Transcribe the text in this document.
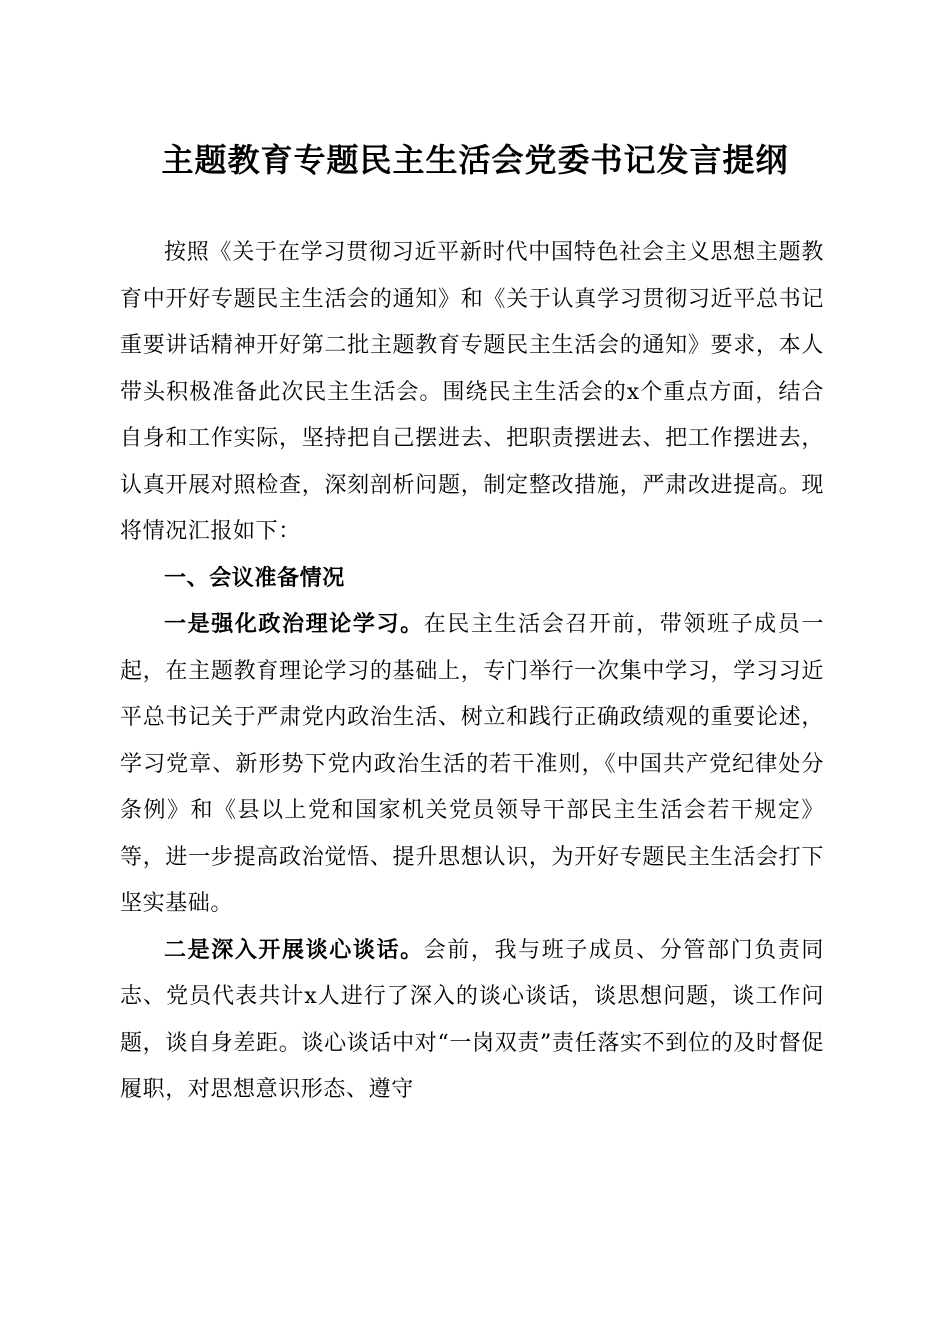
主题教育专题民主生活会党委书记发言提纲

按照《关于在学习贯彻习近平新时代中国特色社会主义思想主题教育中开好专题民主生活会的通知》和《关于认真学习贯彻习近平总书记重要讲话精神开好第二批主题教育专题民主生活会的通知》要求，本人带头积极准备此次民主生活会。围绕民主生活会的x个重点方面，结合自身和工作实际，坚持把自己摆进去、把职责摆进去、把工作摆进去，认真开展对照检查，深刻剖析问题，制定整改措施，严肃改进提高。现将情况汇报如下：

一、会议准备情况

一是强化政治理论学习。在民主生活会召开前，带领班子成员一起，在主题教育理论学习的基础上，专门举行一次集中学习，学习习近平总书记关于严肃党内政治生活、树立和践行正确政绩观的重要论述，学习党章、新形势下党内政治生活的若干准则，《中国共产党纪律处分条例》和《县以上党和国家机关党员领导干部民主生活会若干规定》等，进一步提高政治觉悟、提升思想认识，为开好专题民主生活会打下坚实基础。

二是深入开展谈心谈话。会前，我与班子成员、分管部门负责同志、党员代表共计x人进行了深入的谈心谈话，谈思想问题，谈工作问题，谈自身差距。谈心谈话中对“一岗双责”责任落实不到位的及时督促履职，对思想意识形态、遵守
